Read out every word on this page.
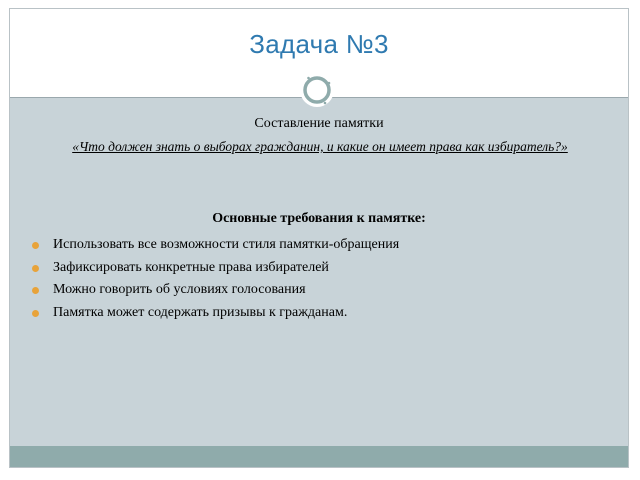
Задача №3
Составление памятки
«Что должен знать о выборах гражданин, и какие он имеет права как избиратель?»
Основные требования к памятке:
Использовать все возможности стиля памятки-обращения
Зафиксировать конкретные права избирателей
Можно говорить об условиях голосования
Памятка может содержать призывы к гражданам.
